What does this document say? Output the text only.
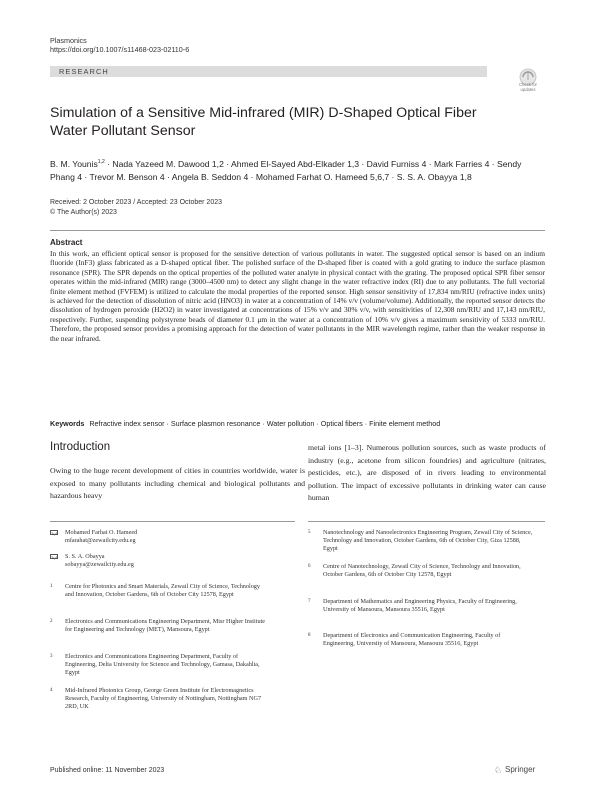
Plasmonics
https://doi.org/10.1007/s11468-023-02110-6
RESEARCH
Check for updates
Simulation of a Sensitive Mid-infrared (MIR) D-Shaped Optical Fiber Water Pollutant Sensor
B. M. Younis$^{1,2}$ · Nada Yazeed M. Dawood 1,2 · Ahmed El-Sayed Abd-Elkader 1,3 · David Furniss 4 · Mark Farries 4 · Sendy Phang 4 · Trevor M. Benson 4 · Angela B. Seddon 4 · Mohamed Farhat O. Hameed 5,6,7 · S. S. A. Obayya 1,8
Received: 2 October 2023 / Accepted: 23 October 2023
© The Author(s) 2023
Abstract
In this work, an efficient optical sensor is proposed for the sensitive detection of various pollutants in water. The suggested optical sensor is based on an indium fluoride (InF3) glass fabricated as a D-shaped optical fiber. The polished surface of the D-shaped fiber is coated with a gold grating to induce the surface plasmon resonance (SPR). The SPR depends on the optical properties of the polluted water analyte in physical contact with the grating. The proposed optical SPR fiber sensor operates within the mid-infrared (MIR) range (3000–4500 nm) to detect any slight change in the water refractive index (RI) due to any pollutants. The full vectorial finite element method (FVFEM) is utilized to calculate the modal properties of the reported sensor. High sensor sensitivity of 17,834 nm/RIU (refractive index units) is achieved for the detection of dissolution of nitric acid (HNO3) in water at a concentration of 14% v/v (volume/volume). Additionally, the reported sensor detects the dissolution of hydrogen peroxide (H2O2) in water investigated at concentrations of 15% v/v and 30% v/v, with sensitivities of 12,308 nm/RIU and 17,143 nm/RIU, respectively. Further, suspending polystyrene beads of diameter 0.1 μm in the water at a concentration of 10% v/v gives a maximum sensitivity of 5333 nm/RIU. Therefore, the proposed sensor provides a promising approach for the detection of water pollutants in the MIR wavelength regime, rather than the weaker response in the near infrared.
Keywords Refractive index sensor · Surface plasmon resonance · Water pollution · Optical fibers · Finite element method
Introduction
Owing to the huge recent development of cities in countries worldwide, water is exposed to many pollutants including chemical and biological pollutants and hazardous heavy
metal ions [1–3]. Numerous pollution sources, such as waste products of industry (e.g., acetone from silicon foundries) and agriculture (nitrates, pesticides, etc.), are disposed of in rivers leading to environmental pollution. The impact of excessive pollutants in drinking water can cause human
Mohamed Farhat O. Hameed
mfarahat@zewailcity.edu.eg
S. S. A. Obayya
sobayya@zewailcity.edu.eg
1 Centre for Photonics and Smart Materials, Zewail City of Science, Technology and Innovation, October Gardens, 6th of October City 12578, Egypt
2 Electronics and Communications Engineering Department, Misr Higher Institute for Engineering and Technology (MET), Mansoura, Egypt
3 Electronics and Communications Engineering Department, Faculty of Engineering, Delta University for Science and Technology, Gamasa, Dakahlia, Egypt
4 Mid-Infrared Photonics Group, George Green Institute for Electromagnetics Research, Faculty of Engineering, University of Nottingham, Nottingham NG7 2RD, UK
5 Nanotechnology and Nanoelectronics Engineering Program, Zewail City of Science, Technology and Innovation, October Gardens, 6th of October City, Giza 12588, Egypt
6 Centre of Nanotechnology, Zewail City of Science, Technology and Innovation, October Gardens, 6th of October City 12578, Egypt
7 Department of Mathematics and Engineering Physics, Faculty of Engineering, University of Mansoura, Mansoura 35516, Egypt
8 Department of Electronics and Communication Engineering, Faculty of Engineering, University of Mansoura, Mansoura 35516, Egypt
Published online: 11 November 2023	♘ Springer
